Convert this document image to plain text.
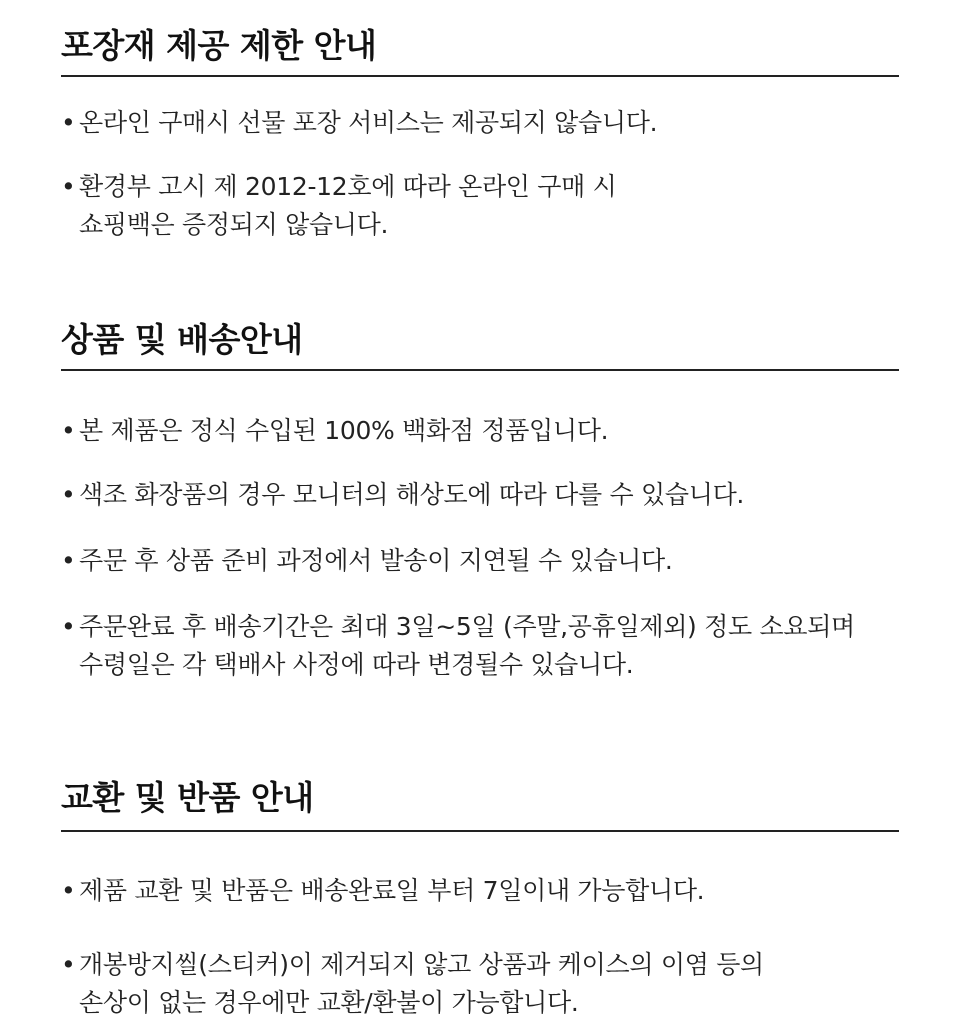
포장재 제공 제한 안내
• 온라인 구매시 선물 포장 서비스는 제공되지 않습니다.
• 환경부 고시 제 2012-12호에 따라 온라인 구매 시
쇼핑백은 증정되지 않습니다.
상품 및 배송안내
• 본 제품은 정식 수입된 100% 백화점 정품입니다.
• 색조 화장품의 경우 모니터의 해상도에 따라 다를 수 있습니다.
• 주문 후 상품 준비 과정에서 발송이 지연될 수 있습니다.
• 주문완료 후 배송기간은 최대 3일~5일 (주말,공휴일제외) 정도 소요되며
수령일은 각 택배사 사정에 따라 변경될수 있습니다.
교환 및 반품 안내
• 제품 교환 및 반품은 배송완료일 부터 7일이내 가능합니다.
• 개봉방지씰(스티커)이 제거되지 않고 상품과 케이스의 이염 등의
손상이 없는 경우에만 교환/환불이 가능합니다.
